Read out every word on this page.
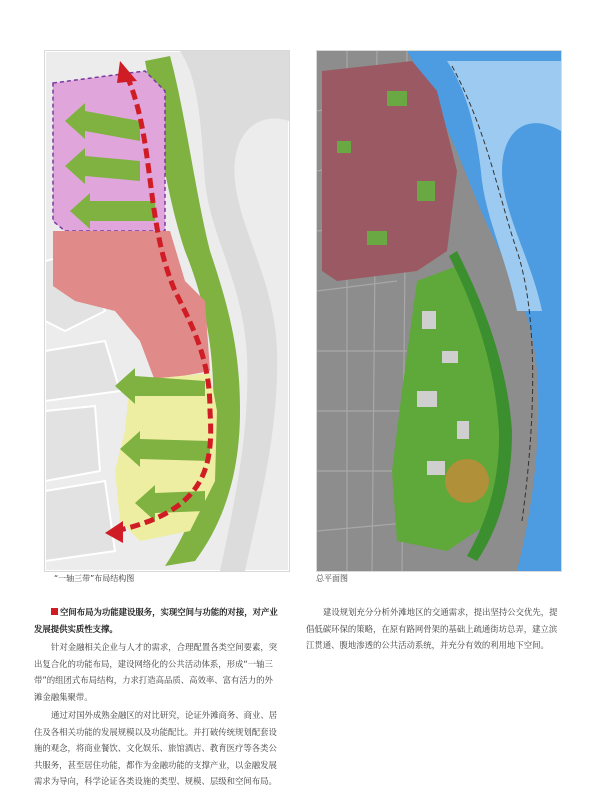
“一轴三带”布局结构图	总平面图

空间布局为功能建设服务，实现空间与功能的对接，对产业发展提供实质性支撑。

针对金融相关企业与人才的需求，合理配置各类空间要素，突出复合化的功能布局，建设网络化的公共活动体系，形成“一轴三带”的组团式布局结构，力求打造高品质、高效率、富有活力的外滩金融集聚带。

通过对国外成熟金融区的对比研究，论证外滩商务、商业、居住及各相关功能的发展规模以及功能配比。并打破传统规划配套设施的观念，将商业餐饮、文化娱乐、旅馆酒店、教育医疗等各类公共服务，甚至居住功能，都作为金融功能的支撑产业，以金融发展需求为导向，科学论证各类设施的类型、规模、层级和空间布局。

建设规划充分分析外滩地区的交通需求，提出坚持公交优先，提倡低碳环保的策略，在原有路网骨架的基础上疏通街坊总弄，建立滨江贯通、腹地渗透的公共活动系统，并充分有效的利用地下空间。
